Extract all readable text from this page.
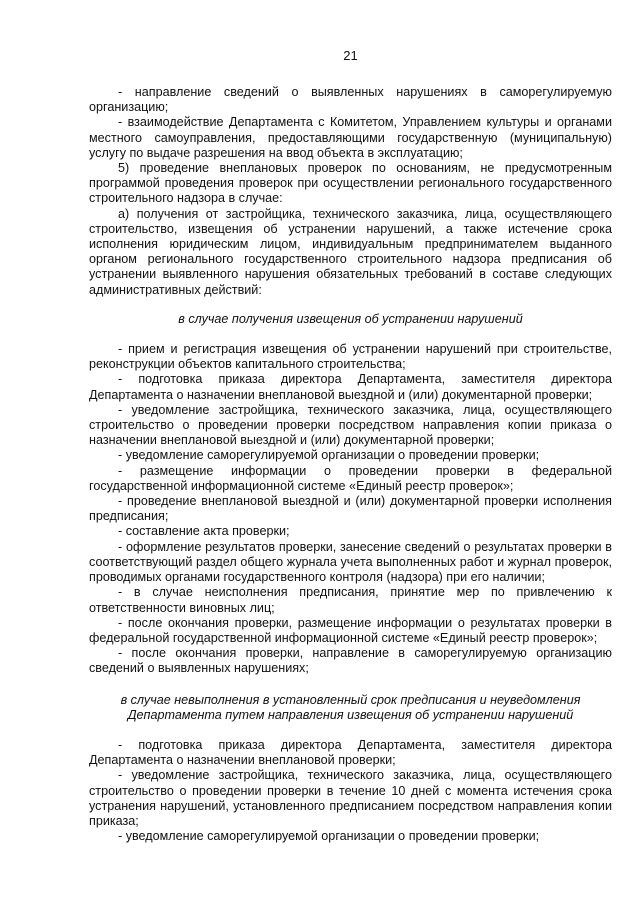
21

- направление сведений о выявленных нарушениях в саморегулируемую организацию;

- взаимодействие Департамента с Комитетом, Управлением культуры и органами местного самоуправления, предоставляющими государственную (муниципальную) услугу по выдаче разрешения на ввод объекта в эксплуатацию;

5) проведение внеплановых проверок по основаниям, не предусмотренным программой проведения проверок при осуществлении регионального государственного строительного надзора в случае:

а) получения от застройщика, технического заказчика, лица, осуществляющего строительство, извещения об устранении нарушений, а также истечение срока исполнения юридическим лицом, индивидуальным предпринимателем выданного органом регионального государственного строительного надзора предписания об устранении выявленного нарушения обязательных требований в составе следующих административных действий:

в случае получения извещения об устранении нарушений

- прием и регистрация извещения об устранении нарушений при строительстве, реконструкции объектов капитального строительства;

- подготовка приказа директора Департамента, заместителя директора Департамента о назначении внеплановой выездной и (или) документарной проверки;

- уведомление застройщика, технического заказчика, лица, осуществляющего строительство о проведении проверки посредством направления копии приказа о назначении внеплановой выездной и (или) документарной проверки;

- уведомление саморегулируемой организации о проведении проверки;

- размещение информации о проведении проверки в федеральной государственной информационной системе «Единый реестр проверок»;

- проведение внеплановой выездной и (или) документарной проверки исполнения предписания;

- составление акта проверки;

- оформление результатов проверки, занесение сведений о результатах проверки в соответствующий раздел общего журнала учета выполненных работ и журнал проверок, проводимых органами государственного контроля (надзора) при его наличии;

- в случае неисполнения предписания, принятие мер по привлечению к ответственности виновных лиц;

- после окончания проверки, размещение информации о результатах проверки в федеральной государственной информационной системе «Единый реестр проверок»;

- после окончания проверки, направление в саморегулируемую организацию сведений о выявленных нарушениях;

в случае невыполнения в установленный срок предписания и неуведомления
Департамента путем направления извещения об устранении нарушений

- подготовка приказа директора Департамента, заместителя директора Департамента о назначении внеплановой проверки;

- уведомление застройщика, технического заказчика, лица, осуществляющего строительство о проведении проверки в течение 10 дней с момента истечения срока устранения нарушений, установленного предписанием посредством направления копии приказа;

- уведомление саморегулируемой организации о проведении проверки;
